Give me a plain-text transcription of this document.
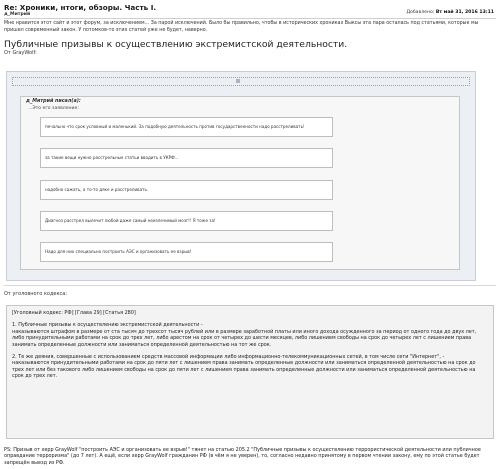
Re: Хроники, нтоги, обзоры. Часть I.
д_Митрий	Добавлено: Вт май 31, 2016 13:11
Мне нравится этот сайт и этот форум, за исключением... За парой исключений. Было бы правильно, чтобы в исторических хрониках Выксы эта пара осталась под статьями, которые мы пришел современный закон. У потомков-то этих статей уже не будет, наверно.
Публичные призывы к осуществлению экстремистской деятельности.
От GrayWolf:
д_Митрий писал(а):
...Это его заявление:
печально что срок условный и маленький. За подобную деятельность против государственности надо расстреливать!
за такие вещи нужно расстрельные статьи вводить в УКРФ...
надобно сажать, а то-то дяке и расстреливать.
Диагноз расстрел вылечит любой даже самый неизлечимый мозг!! Я тоже за!
Надо для них специально построить АЭС и организовать ее взрыв!
От уголовного кодекса:

[Уголовный кодекс: РФ] [Глава 29] [Статья 280]

1. Публичные призывы к осуществлению экстремистской деятельности -
наказываются штрафом в размере от ста тысяч до трехсот тысяч рублей или в размере заработной платы или иного дохода осужденного за период от одного года до двух лет, либо принудительными работами на срок до трех лет, либо арестом на срок от четырех до шести месяцев, либо лишением свободы на срок до четырех лет с лишением права занимать определенные должности или заниматься определенной деятельностью на тот же срок.

2. Те же деяния, совершенные с использованием средств массовой информации либо информационно-телекоммуникационных сетей, в том числе сети "Интернет", -
наказываются принудительными работами на срок до пяти лет с лишением права занимать определенные должности или заниматься определенной деятельностью на срок до трех лет или без такового либо лишением свободы на срок до пяти лет с лишением права занимать определенные должности или заниматься определенной деятельностью на срок до трех лет.

PS: Призыв от херр GrayWolf "построить АЭС и организовать ее взрыв!" тянет на статью 205.2 "Публичные призывы к осуществлению террористической деятельности или публичное оправдание терроризма" (до 7 лет). А ещё, если херр GrayWolf гражданин РФ (в чём я не уверен), то, согласно недавно принятому в первом чтении закону, ему по этой статье будет запрещён выезд из РФ.
